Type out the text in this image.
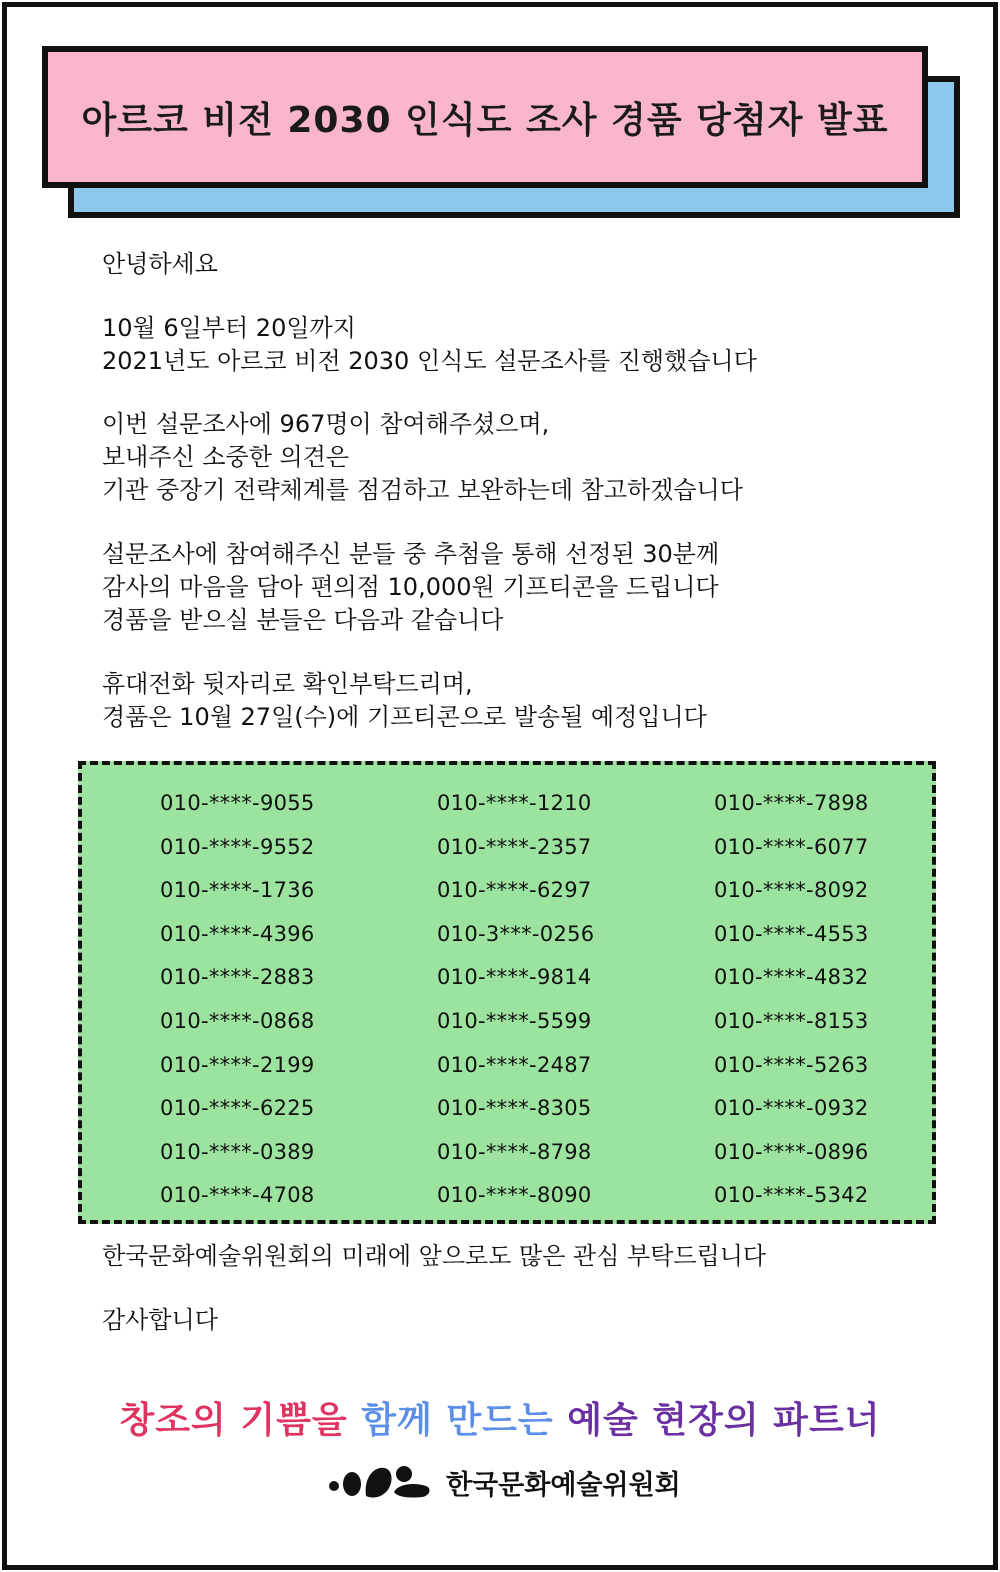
아르코 비전 2030 인식도 조사 경품 당첨자 발표
안녕하세요
10월 6일부터 20일까지
2021년도 아르코 비전 2030 인식도 설문조사를 진행했습니다
이번 설문조사에 967명이 참여해주셨으며,
보내주신 소중한 의견은
기관 중장기 전략체계를 점검하고 보완하는데 참고하겠습니다
설문조사에 참여해주신 분들 중 추첨을 통해 선정된 30분께
감사의 마음을 담아 편의점 10,000원 기프티콘을 드립니다
경품을 받으실 분들은 다음과 같습니다
휴대전화 뒷자리로 확인부탁드리며,
경품은 10월 27일(수)에 기프티콘으로 발송될 예정입니다
010-****-9055	010-****-1210	010-****-7898
010-****-9552	010-****-2357	010-****-6077
010-****-1736	010-****-6297	010-****-8092
010-****-4396	010-3***-0256	010-****-4553
010-****-2883	010-****-9814	010-****-4832
010-****-0868	010-****-5599	010-****-8153
010-****-2199	010-****-2487	010-****-5263
010-****-6225	010-****-8305	010-****-0932
010-****-0389	010-****-8798	010-****-0896
010-****-4708	010-****-8090	010-****-5342
한국문화예술위원회의 미래에 앞으로도 많은 관심 부탁드립니다
감사합니다
창조의 기쁨을 함께 만드는 예술 현장의 파트너
한국문화예술위원회
